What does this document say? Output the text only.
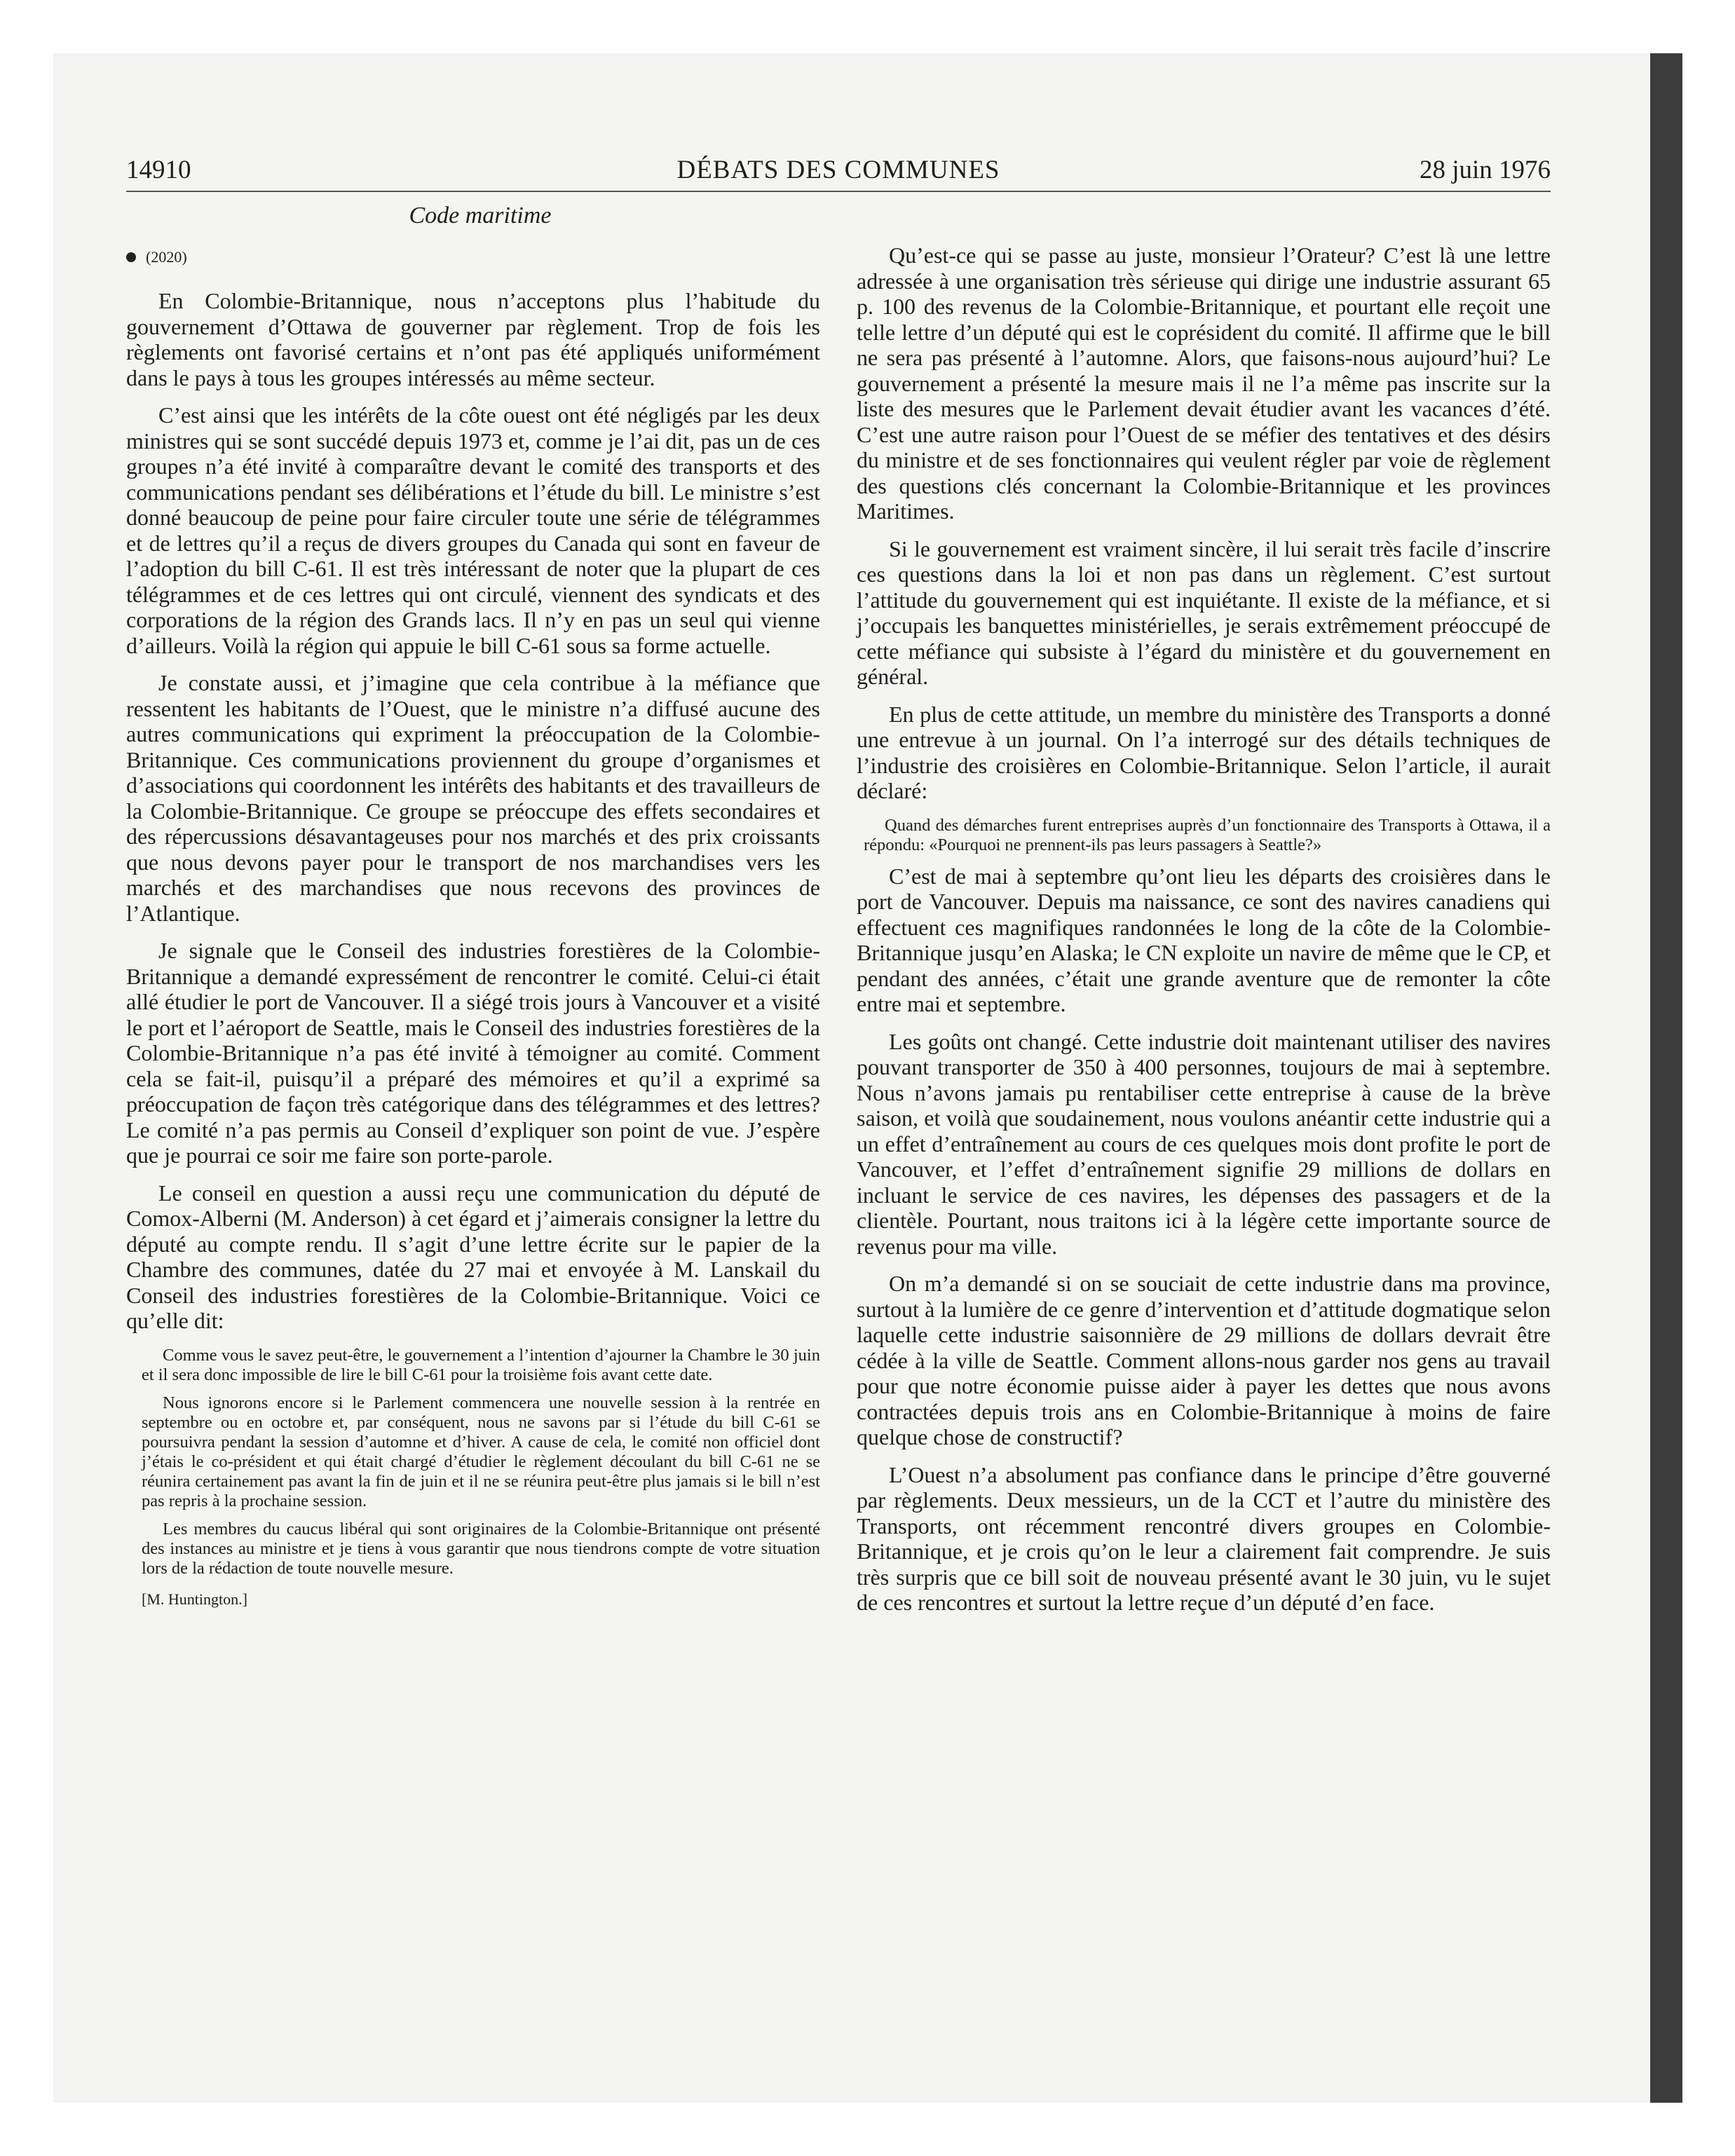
14910	DÉBATS DES COMMUNES	28 juin 1976
Code maritime
(2020)

En Colombie-Britannique, nous n’acceptons plus l’habitude du gouvernement d’Ottawa de gouverner par règlement. Trop de fois les règlements ont favorisé certains et n’ont pas été appliqués uniformément dans le pays à tous les groupes intéressés au même secteur.

C’est ainsi que les intérêts de la côte ouest ont été négligés par les deux ministres qui se sont succédé depuis 1973 et, comme je l’ai dit, pas un de ces groupes n’a été invité à comparaître devant le comité des transports et des communications pendant ses délibérations et l’étude du bill. Le ministre s’est donné beaucoup de peine pour faire circuler toute une série de télégrammes et de lettres qu’il a reçus de divers groupes du Canada qui sont en faveur de l’adoption du bill C-61. Il est très intéressant de noter que la plupart de ces télégrammes et de ces lettres qui ont circulé, viennent des syndicats et des corporations de la région des Grands lacs. Il n’y en pas un seul qui vienne d’ailleurs. Voilà la région qui appuie le bill C-61 sous sa forme actuelle.

Je constate aussi, et j’imagine que cela contribue à la méfiance que ressentent les habitants de l’Ouest, que le ministre n’a diffusé aucune des autres communications qui expriment la préoccupation de la Colombie-Britannique. Ces communications proviennent du groupe d’organismes et d’associations qui coordonnent les intérêts des habitants et des travailleurs de la Colombie-Britannique. Ce groupe se préoccupe des effets secondaires et des répercussions désavantageuses pour nos marchés et des prix croissants que nous devons payer pour le transport de nos marchandises vers les marchés et des marchandises que nous recevons des provinces de l’Atlantique.

Je signale que le Conseil des industries forestières de la Colombie-Britannique a demandé expressément de rencontrer le comité. Celui-ci était allé étudier le port de Vancouver. Il a siégé trois jours à Vancouver et a visité le port et l’aéroport de Seattle, mais le Conseil des industries forestières de la Colombie-Britannique n’a pas été invité à témoigner au comité. Comment cela se fait-il, puisqu’il a préparé des mémoires et qu’il a exprimé sa préoccupation de façon très catégorique dans des télégrammes et des lettres? Le comité n’a pas permis au Conseil d’expliquer son point de vue. J’espère que je pourrai ce soir me faire son porte-parole.

Le conseil en question a aussi reçu une communication du député de Comox-Alberni (M. Anderson) à cet égard et j’aimerais consigner la lettre du député au compte rendu. Il s’agit d’une lettre écrite sur le papier de la Chambre des communes, datée du 27 mai et envoyée à M. Lanskail du Conseil des industries forestières de la Colombie-Britannique. Voici ce qu’elle dit:

Comme vous le savez peut-être, le gouvernement a l’intention d’ajourner la Chambre le 30 juin et il sera donc impossible de lire le bill C-61 pour la troisième fois avant cette date.

Nous ignorons encore si le Parlement commencera une nouvelle session à la rentrée en septembre ou en octobre et, par conséquent, nous ne savons par si l’étude du bill C-61 se poursuivra pendant la session d’automne et d’hiver. A cause de cela, le comité non officiel dont j’étais le co-président et qui était chargé d’étudier le règlement découlant du bill C-61 ne se réunira certainement pas avant la fin de juin et il ne se réunira peut-être plus jamais si le bill n’est pas repris à la prochaine session.

Les membres du caucus libéral qui sont originaires de la Colombie-Britannique ont présenté des instances au ministre et je tiens à vous garantir que nous tiendrons compte de votre situation lors de la rédaction de toute nouvelle mesure.

[M. Huntington.]

Qu’est-ce qui se passe au juste, monsieur l’Orateur? C’est là une lettre adressée à une organisation très sérieuse qui dirige une industrie assurant 65 p. 100 des revenus de la Colombie-Britannique, et pourtant elle reçoit une telle lettre d’un député qui est le coprésident du comité. Il affirme que le bill ne sera pas présenté à l’automne. Alors, que faisons-nous aujourd’hui? Le gouvernement a présenté la mesure mais il ne l’a même pas inscrite sur la liste des mesures que le Parlement devait étudier avant les vacances d’été. C’est une autre raison pour l’Ouest de se méfier des tentatives et des désirs du ministre et de ses fonctionnaires qui veulent régler par voie de règlement des questions clés concernant la Colombie-Britannique et les provinces Maritimes.

Si le gouvernement est vraiment sincère, il lui serait très facile d’inscrire ces questions dans la loi et non pas dans un règlement. C’est surtout l’attitude du gouvernement qui est inquiétante. Il existe de la méfiance, et si j’occupais les banquettes ministérielles, je serais extrêmement préoccupé de cette méfiance qui subsiste à l’égard du ministère et du gouvernement en général.

En plus de cette attitude, un membre du ministère des Transports a donné une entrevue à un journal. On l’a interrogé sur des détails techniques de l’industrie des croisières en Colombie-Britannique. Selon l’article, il aurait déclaré:

Quand des démarches furent entreprises auprès d’un fonctionnaire des Transports à Ottawa, il a répondu: «Pourquoi ne prennent-ils pas leurs passagers à Seattle?»

C’est de mai à septembre qu’ont lieu les départs des croisières dans le port de Vancouver. Depuis ma naissance, ce sont des navires canadiens qui effectuent ces magnifiques randonnées le long de la côte de la Colombie-Britannique jusqu’en Alaska; le CN exploite un navire de même que le CP, et pendant des années, c’était une grande aventure que de remonter la côte entre mai et septembre.

Les goûts ont changé. Cette industrie doit maintenant utiliser des navires pouvant transporter de 350 à 400 personnes, toujours de mai à septembre. Nous n’avons jamais pu rentabiliser cette entreprise à cause de la brève saison, et voilà que soudainement, nous voulons anéantir cette industrie qui a un effet d’entraînement au cours de ces quelques mois dont profite le port de Vancouver, et l’effet d’entraînement signifie 29 millions de dollars en incluant le service de ces navires, les dépenses des passagers et de la clientèle. Pourtant, nous traitons ici à la légère cette importante source de revenus pour ma ville.

On m’a demandé si on se souciait de cette industrie dans ma province, surtout à la lumière de ce genre d’intervention et d’attitude dogmatique selon laquelle cette industrie saisonnière de 29 millions de dollars devrait être cédée à la ville de Seattle. Comment allons-nous garder nos gens au travail pour que notre économie puisse aider à payer les dettes que nous avons contractées depuis trois ans en Colombie-Britannique à moins de faire quelque chose de constructif?

L’Ouest n’a absolument pas confiance dans le principe d’être gouverné par règlements. Deux messieurs, un de la CCT et l’autre du ministère des Transports, ont récemment rencontré divers groupes en Colombie-Britannique, et je crois qu’on le leur a clairement fait comprendre. Je suis très surpris que ce bill soit de nouveau présenté avant le 30 juin, vu le sujet de ces rencontres et surtout la lettre reçue d’un député d’en face.
